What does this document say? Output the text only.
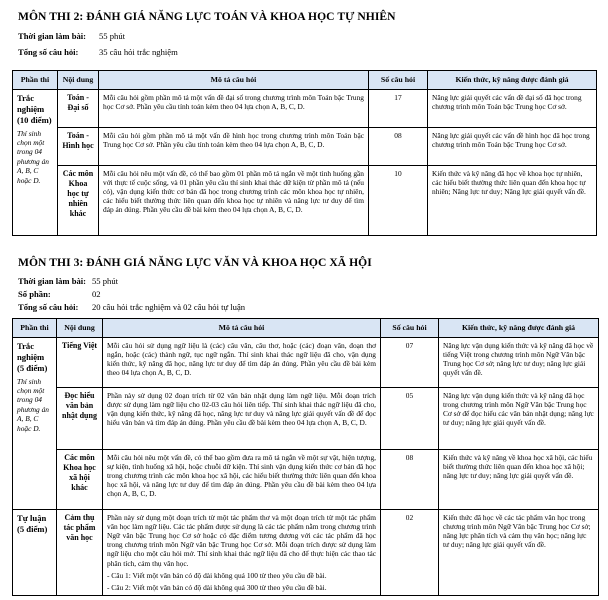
MÔN THI 2: ĐÁNH GIÁ NĂNG LỰC TOÁN VÀ KHOA HỌC TỰ NHIÊN
Thời gian làm bài: 55 phút
Tổng số câu hỏi: 35 câu hỏi trắc nghiệm
Phần thi	Nội dung	Mô tả câu hỏi	Số câu hỏi	Kiến thức, kỹ năng được đánh giá
Trắc nghiệm (10 điểm)
Thí sinh chọn một trong 04 phương án A, B, C hoặc D.	Toán - Đại số	Mỗi câu hỏi gồm phần mô tả một vấn đề đại số trong chương trình môn Toán bậc Trung học Cơ sở. Phần yêu cầu tính toán kèm theo 04 lựa chọn A, B, C, D.	17	Năng lực giải quyết các vấn đề đại số đã học trong chương trình môn Toán bậc Trung học Cơ sở.
	Toán - Hình học	Mỗi câu hỏi gồm phần mô tả một vấn đề hình học trong chương trình môn Toán bậc Trung học Cơ sở. Phần yêu cầu tính toán kèm theo 04 lựa chọn A, B, C, D.	08	Năng lực giải quyết các vấn đề hình học đã học trong chương trình môn Toán bậc Trung học Cơ sở.
	Các môn Khoa học tự nhiên khác	Mỗi câu hỏi nêu một vấn đề, có thể bao gồm 01 phần mô tả ngắn về một tình huống gần với thực tế cuộc sống, và 01 phần yêu cầu thí sinh khai thác dữ kiện từ phần mô tả (nếu có), vận dụng kiến thức cơ bản đã học trong chương trình các môn khoa học tự nhiên, các hiểu biết thường thức liên quan đến khoa học tự nhiên và năng lực tư duy để tìm đáp án đúng. Phần yêu cầu đề bài kèm theo 04 lựa chọn A, B, C, D.	10	Kiến thức và kỹ năng đã học về khoa học tự nhiên, các hiểu biết thường thức liên quan đến khoa học tự nhiên; Năng lực tư duy; Năng lực giải quyết vấn đề.
MÔN THI 3: ĐÁNH GIÁ NĂNG LỰC VĂN VÀ KHOA HỌC XÃ HỘI
Thời gian làm bài: 55 phút
Số phần:	02
Tổng số câu hỏi: 20 câu hỏi trắc nghiệm và 02 câu hỏi tự luận
Phần thi	Nội dung	Mô tả câu hỏi	Số câu hỏi	Kiến thức, kỹ năng được đánh giá
Trắc nghiệm (5 điểm)
Thí sinh chọn một trong 04 phương án A, B, C hoặc D.	Tiếng Việt	Mỗi câu hỏi sử dụng ngữ liệu là (các) câu văn, câu thơ, hoặc (các) đoạn văn, đoạn thơ ngắn, hoặc (các) thành ngữ, tục ngữ ngắn. Thí sinh khai thác ngữ liệu đã cho, vận dụng kiến thức, kỹ năng đã học, năng lực tư duy để tìm đáp án đúng. Phần yêu cầu đề bài kèm theo 04 lựa chọn A, B, C, D.	07	Năng lực vận dụng kiến thức và kỹ năng đã học về tiếng Việt trong chương trình môn Ngữ Văn bậc Trung học Cơ sở; năng lực tư duy; năng lực giải quyết vấn đề.
	Đọc hiểu văn bản nhật dụng	Phần này sử dụng 02 đoạn trích từ 02 văn bản nhật dụng làm ngữ liệu. Mỗi đoạn trích được sử dụng làm ngữ liệu cho 02-03 câu hỏi liên tiếp. Thí sinh khai thác ngữ liệu đã cho, vận dụng kiến thức, kỹ năng đã học, năng lực tư duy và năng lực giải quyết vấn đề để đọc hiểu văn bản và tìm đáp án đúng. Phần yêu cầu đề bài kèm theo 04 lựa chọn A, B, C, D.	05	Năng lực vận dụng kiến thức và kỹ năng đã học trong chương trình môn Ngữ Văn bậc Trung học Cơ sở để đọc hiểu các văn bản nhật dụng; năng lực tư duy; năng lực giải quyết vấn đề.
	Các môn Khoa học xã hội khác	Mỗi câu hỏi nêu một vấn đề, có thể bao gồm đưa ra mô tả ngắn về một sự vật, hiện tượng, sự kiện, tình huống xã hội, hoặc chuỗi dữ kiện. Thí sinh vận dụng kiến thức cơ bản đã học trong chương trình các môn khoa học xã hội, các hiểu biết thường thức liên quan đến khoa học xã hội, và năng lực tư duy để tìm đáp án đúng. Phần yêu cầu đề bài kèm theo 04 lựa chọn A, B, C, D.	08	Kiến thức và kỹ năng về khoa học xã hội, các hiểu biết thường thức liên quan đến khoa học xã hội; năng lực tư duy; năng lực giải quyết vấn đề.
Tự luận (5 điểm)	Cảm thụ tác phẩm văn học	Phần này sử dụng một đoạn trích từ một tác phẩm thơ và một đoạn trích từ một tác phẩm văn học làm ngữ liệu. Các tác phẩm được sử dụng là các tác phẩm nằm trong chương trình Ngữ văn bậc Trung học Cơ sở hoặc có đặc điểm tương đương với các tác phẩm đã học trong chương trình môn Ngữ văn bậc Trung học Cơ sở. Mỗi đoạn trích được sử dụng làm ngữ liệu cho một câu hỏi mở. Thí sinh khai thác ngữ liệu đã cho để thực hiện các thao tác phân tích, cảm thụ văn học.
- Câu 1: Viết một văn bản có độ dài không quá 100 từ theo yêu cầu đề bài.
- Câu 2: Viết một văn bản có độ dài không quá 300 từ theo yêu cầu đề bài.	02	Kiến thức đã học về các tác phẩm văn học trong chương trình môn Ngữ Văn bậc Trung học Cơ sở; năng lực phân tích và cảm thụ văn học; năng lực tư duy; năng lực giải quyết vấn đề.
